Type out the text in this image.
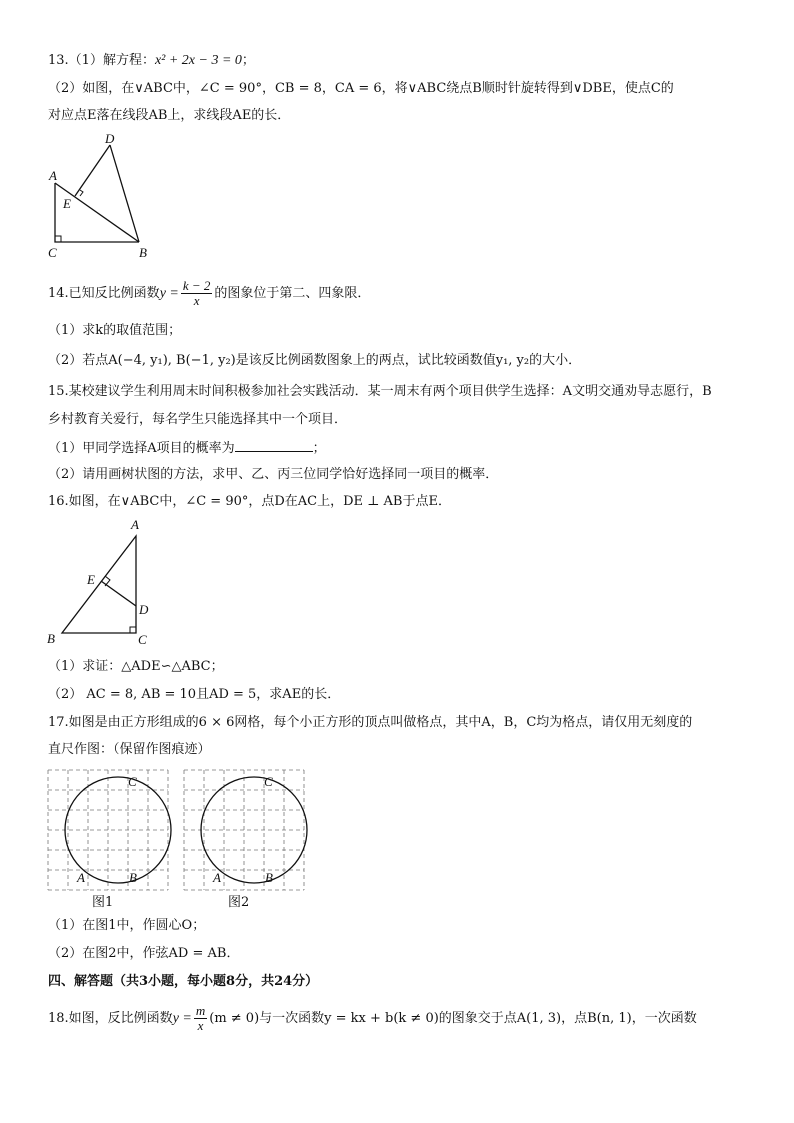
13.（1）解方程：x² + 2x − 3 = 0；
（2）如图，在∨ABC中，∠C = 90°，CB = 8，CA = 6，将∨ABC绕点B顺时针旋转得到∨DBE，使点C的
对应点E落在线段AB上，求线段AE的长．
A
C	B
D
E
14.已知反比例函数$y = \frac{k - 2}{x}$ 的图象位于第二、四象限．
（1）求k的取值范围；
（2）若点A(−4, y₁), B(−1, y₂)是该反比例函数图象上的两点，试比较函数值y₁, y₂的大小．
15.某校建议学生利用周末时间积极参加社会实践活动．某一周末有两个项目供学生选择：A文明交通劝导志愿行，B
乡村教育关爱行，每名学生只能选择其中一个项目．
（1）甲同学选择A项目的概率为	；
（2）请用画树状图的方法，求甲、乙、丙三位同学恰好选择同一项目的概率．
16.如图，在∨ABC中，∠C = 90°，点D在AC上，DE ⊥ AB于点E．
A
B	C
D
E
（1）求证：△ADE∽△ABC；
（2） AC = 8, AB = 10且AD = 5，求AE的长．
17.如图是由正方形组成的6 × 6网格，每个小正方形的顶点叫做格点，其中A，B，C均为格点，请仅用无刻度的
直尺作图：（保留作图痕迹）
C
A	B
图1
C
A	B
图2
（1）在图1中，作圆心O；
（2）在图2中，作弦AD = AB．
四、解答题（共3小题，每小题8分，共24分）
18.如图，反比例函数$y = \frac{m}{x} (m \ne 0)$与一次函数y = kx + b(k ≠ 0)的图象交于点A(1, 3)，点B(n, 1)，一次函数
